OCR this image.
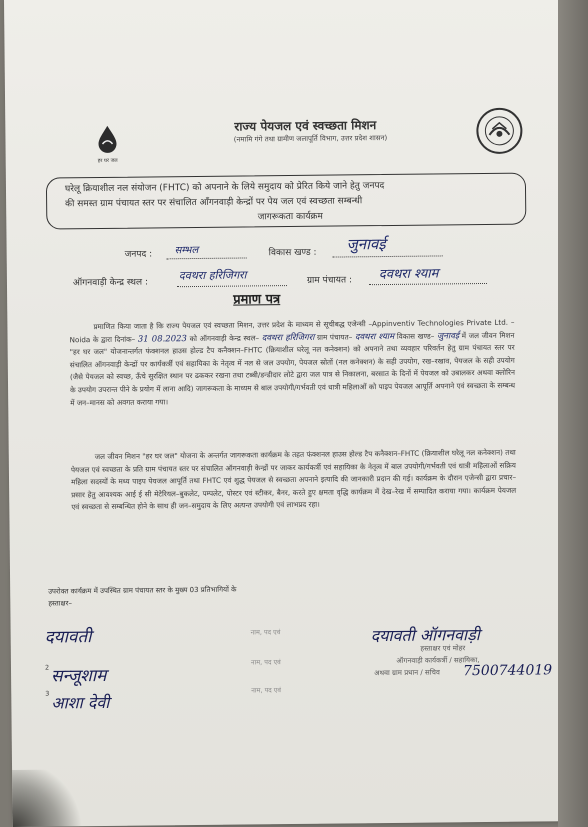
हर घर जल
राज्य पेयजल एवं स्वच्छता मिशन
(नमामि गंगे तथा ग्रामीण जलापूर्ति विभाग, उत्तर प्रदेश शासन)
घरेलू क्रियाशील नल संयोजन (FHTC) को अपनाने के लिये समुदाय को प्रेरित किये जाने हेतु जनपद
की समस्त ग्राम पंचायत स्तर पर संचालित आँगनवाड़ी केन्द्रों पर पेय जल एवं स्वच्छता सम्बन्धी
जागरूकता कार्यक्रम
जनपद : सम्भल	विकास खण्ड : जुनावई
ऑगनवाड़ी केन्द्र स्थल :
दवथरा हरिजिगरा	ग्राम पंचायत : दवथरा श्याम
प्रमाण पत्र
प्रमाणित किया जाता है कि राज्य पेयजल एवं स्वच्छता मिशन, उत्तर प्रदेश के माध्यम से सूचीबद्ध एजेन्सी –Appinventiv Technologies Private Ltd. – Noida के द्वारा दिनांक– 31 08.2023 को ऑगनवाड़ी केन्द्र स्थल– दवथरा हरिजिगरा ग्राम पंचायत– दवथरा श्याम विकास खण्ड– जुनावई में जल जीवन मिशन "हर घर जल" योजनान्तर्गत फंक्शनल हाउस होल्ड टैप कनैक्शन–FHTC (क्रियाशील घरेलू नल कनेक्शन) को अपनाने तथा व्यवहार परिवर्तन हेतु ग्राम पंचायत स्तर पर संचालित ऑगनवाड़ी केन्द्रों पर कार्यकर्त्री एवं सहायिका के नेतृत्व में नल से जल उपयोग, पेयजल स्रोतों (नल कनेक्शन) के सही उपयोग, रख–रखाव, पेयजल के सही उपयोग (जैसे पेयजल को स्वच्छ, ऊँचे सुरक्षित स्थान पर ढककर रखना तथा टब्बी/डन्डीदार लोटे द्वारा जल पात्र से निकालना, बरसात के दिनों में पेयजल को उबालकर अथवा क्लोरिन के उपयोग उपरान्त पीने के प्रयोग में लाना आदि) जागरूकता के माध्यम से बाल उपयोगी/गर्भवती एवं धात्री महिलाओं को पाइप पेयजल आपूर्ति अपनाने एवं स्वच्छता के सम्बन्ध में जन–मानस को अवगत कराया गया।
जल जीवन मिशन "हर घर जल" योजना के अन्तर्गत जागरूकता कार्यक्रम के तहत फंक्शनल हाउस होल्ड टैप कनैक्शन–FHTC (क्रियाशील घरेलू नल कनेक्शन) तथा पेयजल एवं स्वच्छता के प्रति ग्राम पंचायत स्तर पर संचालित ऑगनवाड़ी केन्द्रों पर जाकर कार्यकर्त्री एवं सहायिका के नेतृत्व में बाल उपयोगी/गर्भवती एवं धात्री महिलाओं सक्रिय महिला सदस्यों के मध्य पाइप पेयजल आपूर्ति तथा FHTC एवं शुद्ध पेयजल से स्वच्छता अपनाने इत्यादि की जानकारी प्रदान की गई। कार्यक्रम के दौरान एजेन्सी द्वारा प्रचार–प्रसार हेतु आवश्यक आई ई सी मेटेरियल–बुकलेट, पम्पलेट, पोस्टर एवं स्टीकर, बैनर, करते हुए क्षमता वृद्धि कार्यक्रम में देख–रेख में सम्पादित कराया गया। कार्यक्रम पेयजल एवं स्वच्छता से सम्बन्धित होने के साथ ही जन–समुदाय के लिए अत्यन्त उपयोगी एवं लाभप्रद रहा।
उपरोक्त कार्यक्रम में उपस्थित ग्राम पंचायत स्तर के मुख्य 03 प्रतिभागियों के
हस्ताक्षर–
2
3
दयावती
सन्जूशाम
आशा देवी
नाम, पद एवं
नाम, पद एवं
नाम, पद एवं
दयावती ऑगनवाड़ी
हस्ताक्षर एवं मोहर
ऑगनवाड़ी कार्यकर्त्री / सहायिका,
अथवा ग्राम प्रधान / सचिव	7500744019
